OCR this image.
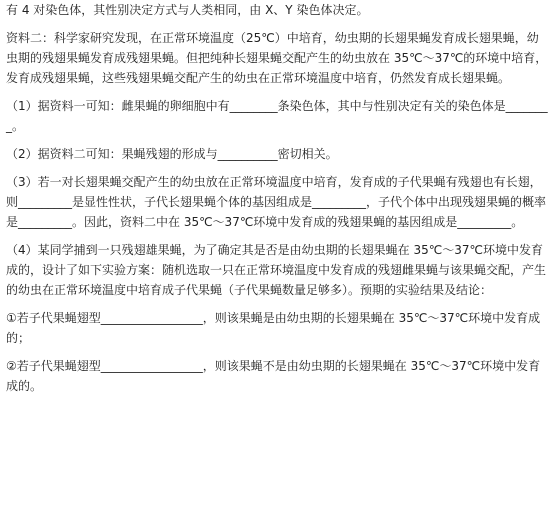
有 4 对染色体，其性别决定方式与人类相同，由 X、Y 染色体决定。

资料二：科学家研究发现，在正常环境温度（25℃）中培育，幼虫期的长翅果蝇发育成长翅果蝇，幼虫期的残翅果蝇发育成残翅果蝇。但把纯种长翅果蝇交配产生的幼虫放在 35℃～37℃的环境中培育，发育成残翅果蝇，这些残翅果蝇交配产生的幼虫在正常环境温度中培育，仍然发育成长翅果蝇。

（1）据资料一可知：雌果蝇的卵细胞中有________条染色体，其中与性别决定有关的染色体是________。

（2）据资料二可知：果蝇残翅的形成与__________密切相关。

（3）若一对长翅果蝇交配产生的幼虫放在正常环境温度中培育，发育成的子代果蝇有残翅也有长翅，则_________是显性性状，子代长翅果蝇个体的基因组成是_________，子代个体中出现残翅果蝇的概率是_________。因此，资料二中在 35℃～37℃环境中发育成的残翅果蝇的基因组成是_________。

（4）某同学捕到一只残翅雄果蝇，为了确定其是否是由幼虫期的长翅果蝇在 35℃～37℃环境中发育成的，设计了如下实验方案：随机选取一只在正常环境温度中发育成的残翅雌果蝇与该果蝇交配，产生的幼虫在正常环境温度中培育成子代果蝇（子代果蝇数量足够多）。预期的实验结果及结论：

①若子代果蝇翅型_________________，则该果蝇是由幼虫期的长翅果蝇在 35℃～37℃环境中发育成的；

②若子代果蝇翅型_________________，则该果蝇不是由幼虫期的长翅果蝇在 35℃～37℃环境中发育成的。
